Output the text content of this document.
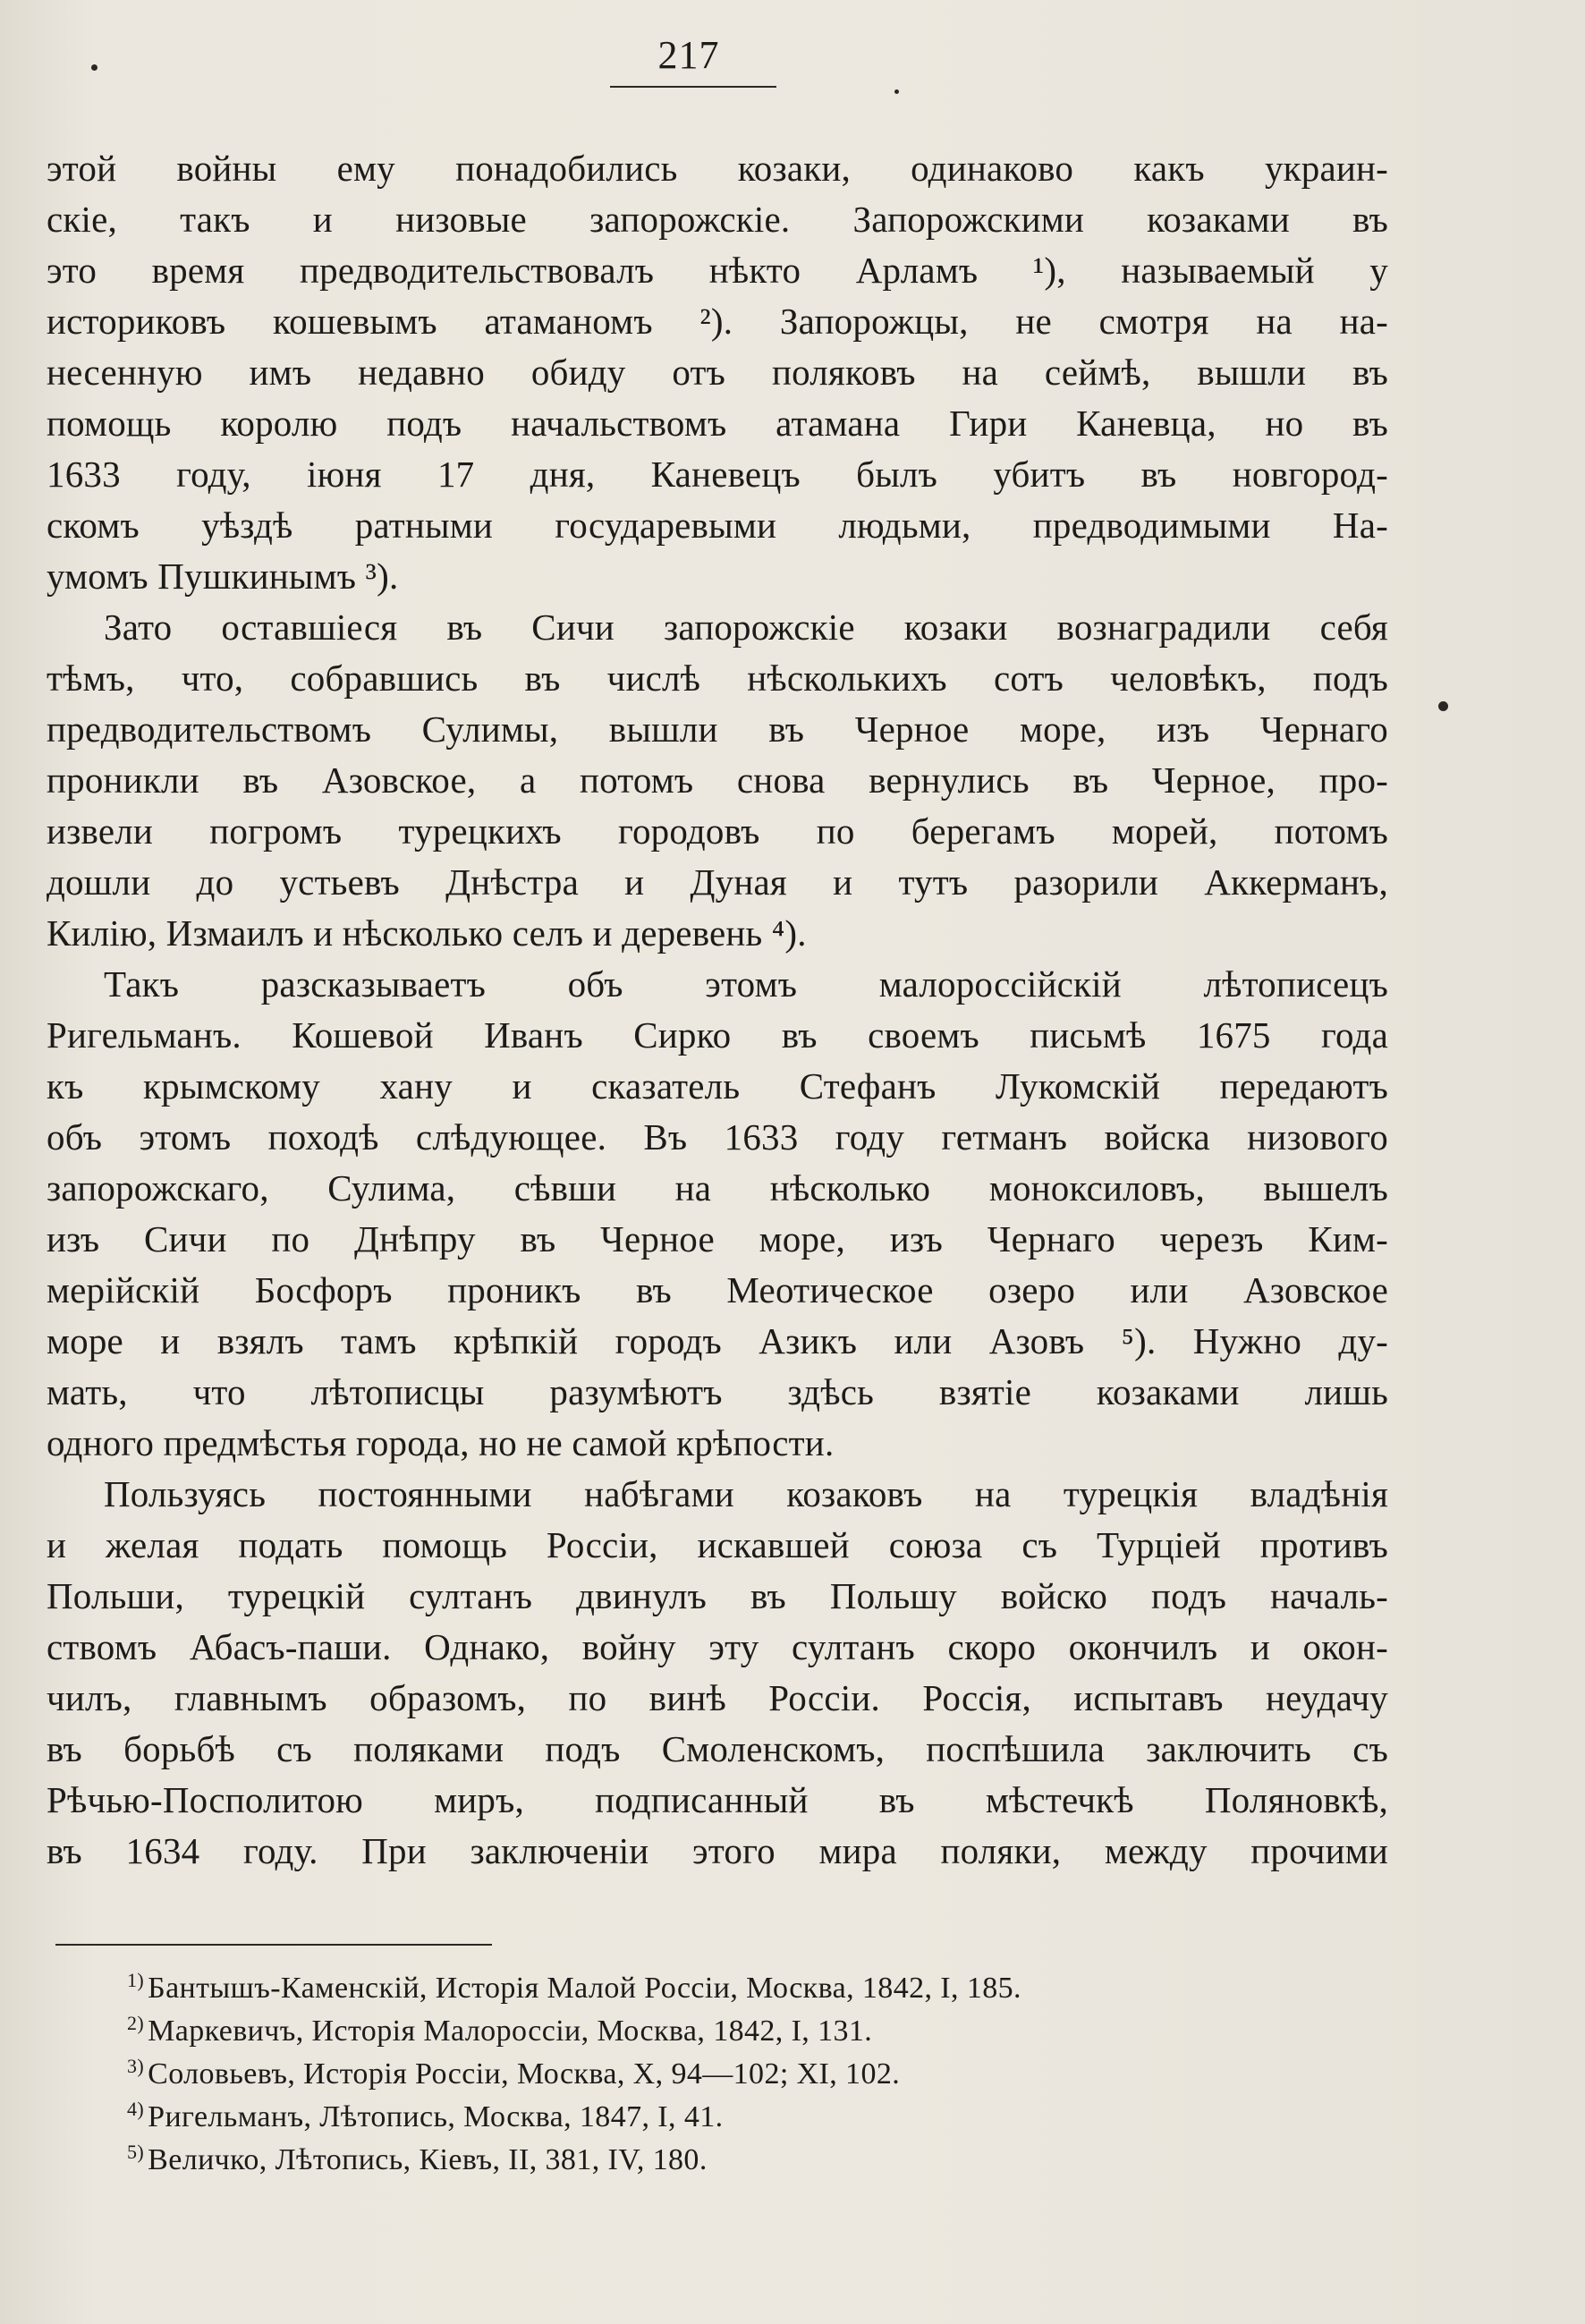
217
этой войны ему понадобились козаки, одинаково какъ украин-
скіе, такъ и низовые запорожскіе. Запорожскими козаками въ
это время предводительствовалъ нѣкто Арламъ ¹), называемый у
историковъ кошевымъ атаманомъ ²). Запорожцы, не смотря на на-
несенную имъ недавно обиду отъ поляковъ на сеймѣ, вышли въ
помощь королю подъ начальствомъ атамана Гири Каневца, но въ
1633 году, іюня 17 дня, Каневецъ былъ убитъ въ новгород-
скомъ уѣздѣ ратными государевыми людьми, предводимыми На-
умомъ Пушкинымъ ³).
Зато оставшіеся въ Сичи запорожскіе козаки вознаградили себя
тѣмъ, что, собравшись въ числѣ нѣсколькихъ сотъ человѣкъ, подъ
предводительствомъ Сулимы, вышли въ Черное море, изъ Чернаго
проникли въ Азовское, а потомъ снова вернулись въ Черное, про-
извели погромъ турецкихъ городовъ по берегамъ морей, потомъ
дошли до устьевъ Днѣстра и Дуная и тутъ разорили Аккерманъ,
Килію, Измаилъ и нѣсколько селъ и деревень ⁴).
Такъ разсказываетъ объ этомъ малороссійскій лѣтописецъ
Ригельманъ. Кошевой Иванъ Сирко въ своемъ письмѣ 1675 года
къ крымскому хану и сказатель Стефанъ Лукомскій передаютъ
объ этомъ походѣ слѣдующее. Въ 1633 году гетманъ войска низового
запорожскаго, Сулима, сѣвши на нѣсколько моноксиловъ, вышелъ
изъ Сичи по Днѣпру въ Черное море, изъ Чернаго черезъ Ким-
мерійскій Босфоръ проникъ въ Меотическое озеро или Азовское
море и взялъ тамъ крѣпкій городъ Азикъ или Азовъ ⁵). Нужно ду-
мать, что лѣтописцы разумѣютъ здѣсь взятіе козаками лишь
одного предмѣстья города, но не самой крѣпости.
Пользуясь постоянными набѣгами козаковъ на турецкія владѣнія
и желая подать помощь Россіи, искавшей союза съ Турціей противъ
Польши, турецкій султанъ двинулъ въ Польшу войско подъ началь-
ствомъ Абасъ-паши. Однако, войну эту султанъ скоро окончилъ и окон-
чилъ, главнымъ образомъ, по винѣ Россіи. Россія, испытавъ неудачу
въ борьбѣ съ поляками подъ Смоленскомъ, поспѣшила заключить съ
Рѣчью-Посполитою миръ, подписанный въ мѣстечкѣ Поляновкѣ,
въ 1634 году. При заключеніи этого мира поляки, между прочими
$^{1)}$ Бантышъ-Каменскій, Исторія Малой Россіи, Москва, 1842, I, 185.
$^{2)}$ Маркевичъ, Исторія Малороссіи, Москва, 1842, I, 131.
$^{3)}$ Соловьевъ, Исторія Россіи, Москва, X, 94—102; XI, 102.
$^{4)}$ Ригельманъ, Лѣтопись, Москва, 1847, I, 41.
$^{5)}$ Величко, Лѣтопись, Кіевъ, II, 381, IV, 180.
